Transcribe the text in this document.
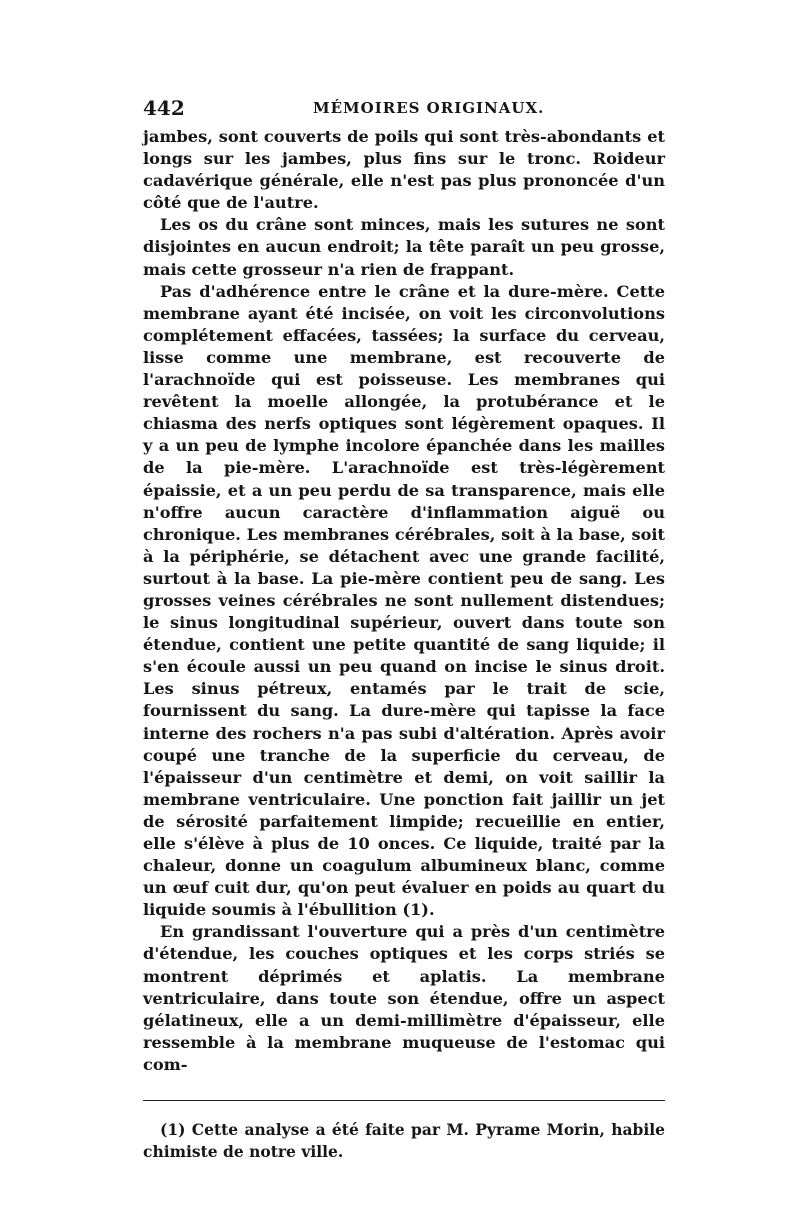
442	MÉMOIRES ORIGINAUX.

jambes, sont couverts de poils qui sont très-abondants et longs sur les jambes, plus fins sur le tronc. Roideur cadavérique générale, elle n'est pas plus prononcée d'un côté que de l'autre.

Les os du crâne sont minces, mais les sutures ne sont disjointes en aucun endroit; la tête paraît un peu grosse, mais cette grosseur n'a rien de frappant.

Pas d'adhérence entre le crâne et la dure-mère. Cette membrane ayant été incisée, on voit les circonvolutions complétement effacées, tassées; la surface du cerveau, lisse comme une membrane, est recouverte de l'arachnoïde qui est poisseuse. Les membranes qui revêtent la moelle allongée, la protubérance et le chiasma des nerfs optiques sont légèrement opaques. Il y a un peu de lymphe incolore épanchée dans les mailles de la pie-mère. L'arachnoïde est très-légèrement épaissie, et a un peu perdu de sa transparence, mais elle n'offre aucun caractère d'inflammation aiguë ou chronique. Les membranes cérébrales, soit à la base, soit à la périphérie, se détachent avec une grande facilité, surtout à la base. La pie-mère contient peu de sang. Les grosses veines cérébrales ne sont nullement distendues; le sinus longitudinal supérieur, ouvert dans toute son étendue, contient une petite quantité de sang liquide; il s'en écoule aussi un peu quand on incise le sinus droit. Les sinus pétreux, entamés par le trait de scie, fournissent du sang. La dure-mère qui tapisse la face interne des rochers n'a pas subi d'altération. Après avoir coupé une tranche de la superficie du cerveau, de l'épaisseur d'un centimètre et demi, on voit saillir la membrane ventriculaire. Une ponction fait jaillir un jet de sérosité parfaitement limpide; recueillie en entier, elle s'élève à plus de 10 onces. Ce liquide, traité par la chaleur, donne un coagulum albumineux blanc, comme un œuf cuit dur, qu'on peut évaluer en poids au quart du liquide soumis à l'ébullition (1).

En grandissant l'ouverture qui a près d'un centimètre d'étendue, les couches optiques et les corps striés se montrent déprimés et aplatis. La membrane ventriculaire, dans toute son étendue, offre un aspect gélatineux, elle a un demi-millimètre d'épaisseur, elle ressemble à la membrane muqueuse de l'estomac qui com-

(1) Cette analyse a été faite par M. Pyrame Morin, habile chimiste de notre ville.
